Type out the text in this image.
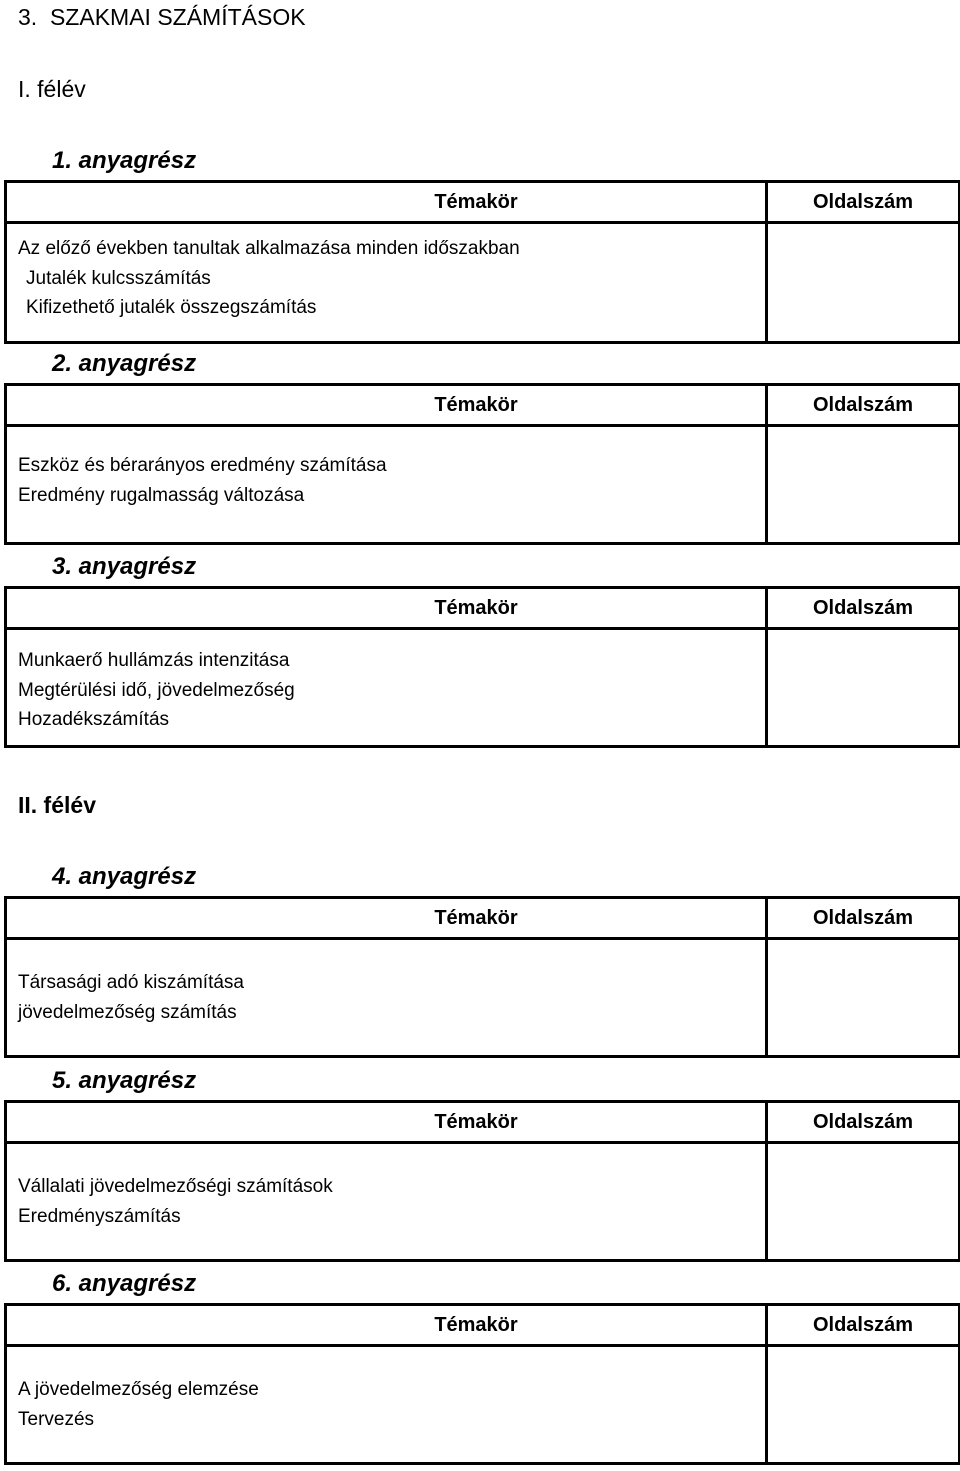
3.  SZAKMAI SZÁMÍTÁSOK
I. félév
1. anyagrész
Témakör	Oldalszám

Az előző években tanultak alkalmazása minden időszakban
Jutalék kulcsszámítás
Kifizethető jutalék összegszámítás	

2. anyagrész
Témakör	Oldalszám

Eszköz és bérarányos eredmény számítása
Eredmény rugalmasság változása	

3. anyagrész
Témakör	Oldalszám

Munkaerő hullámzás intenzitása
Megtérülési idő, jövedelmezőség
Hozadékszámítás	

II. félév
4. anyagrész
Témakör	Oldalszám

Társasági adó kiszámítása
jövedelmezőség számítás	

5. anyagrész
Témakör	Oldalszám

Vállalati jövedelmezőségi számítások
Eredményszámítás	

6. anyagrész
Témakör	Oldalszám

A jövedelmezőség elemzése
Tervezés	
